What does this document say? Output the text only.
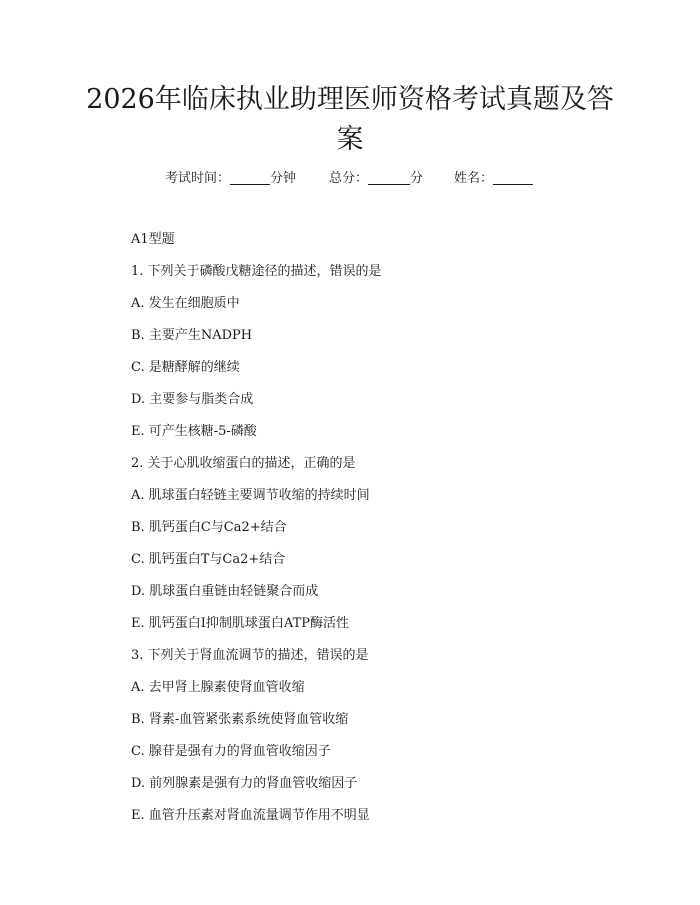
2026年临床执业助理医师资格考试真题及答案
考试时间：	分钟	总分：	分 姓名：
A1型题
1. 下列关于磷酸戊糖途径的描述，错误的是
A. 发生在细胞质中
B. 主要产生NADPH
C. 是糖酵解的继续
D. 主要参与脂类合成
E. 可产生核糖-5-磷酸
2. 关于心肌收缩蛋白的描述，正确的是
A. 肌球蛋白轻链主要调节收缩的持续时间
B. 肌钙蛋白C与Ca2+结合
C. 肌钙蛋白T与Ca2+结合
D. 肌球蛋白重链由轻链聚合而成
E. 肌钙蛋白I抑制肌球蛋白ATP酶活性
3. 下列关于肾血流调节的描述，错误的是
A. 去甲肾上腺素使肾血管收缩
B. 肾素-血管紧张素系统使肾血管收缩
C. 腺苷是强有力的肾血管收缩因子
D. 前列腺素是强有力的肾血管收缩因子
E. 血管升压素对肾血流量调节作用不明显
